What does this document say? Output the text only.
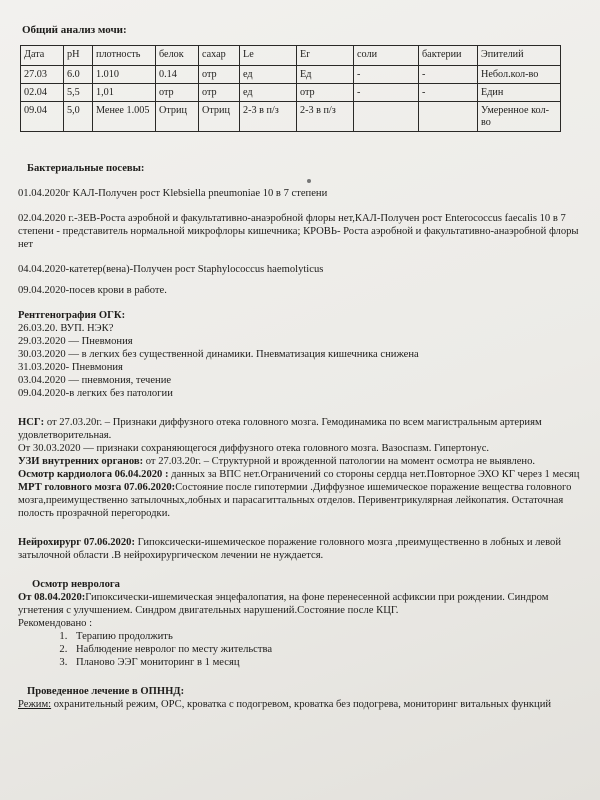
Общий анализ мочи:
Дата	pH	плотность	белок	сахар	Le	Er	соли	бактерии	Эпителий
27.03	6.0	1.010	0.14	отр	ед	Ед	-	-	Небол.кол-во
02.04	5,5	1,01	отр	отр	ед	отр	-	-	Един
09.04	5,0	Менее 1.005	Отриц	Отриц	2-3 в п/з	2-3 в п/з			Умеренное кол-во

Бактериальные посевы:

01.04.2020г КАЛ-Получен рост Klebsiella pneumoniae 10 в 7 степени

02.04.2020 г.-ЗЕВ-Роста аэробной и факультативно-анаэробной флоры нет,КАЛ-Получен рост Enterococcus faecalis 10 в 7 степени - представитель нормальной микрофлоры кишечника; КРОВЬ- Роста аэробной и факультативно-анаэробной флоры нет

04.04.2020-катетер(вена)-Получен рост Staphylococcus haemolyticus

09.04.2020-посев крови в работе.

Рентгенография ОГК:

26.03.20. ВУП. НЭК?

29.03.2020 — Пневмония

30.03.2020 — в легких без существенной динамики. Пневматизация кишечника снижена

31.03.2020- Пневмония

03.04.2020 — пневмония, течение

09.04.2020-в легких без патологии

НСГ: от 27.03.20г. – Признаки диффузного отека головного мозга. Гемодинамика по всем магистральным артериям удовлетворительная.

От 30.03.2020 — признаки сохраняющегося диффузного отека головного мозга. Вазоспазм. Гипертонус.

УЗИ внутренних органов: от 27.03.20г. – Структурной и врожденной патологии на момент осмотра не выявлено.

Осмотр кардиолога 06.04.2020 : данных за ВПС нет.Ограничений со стороны сердца нет.Повторное ЭХО КГ через 1 месяц

МРТ головного мозга 07.06.2020:Состояние после гипотермии .Диффузное ишемическое поражение вещества головного мозга,преимущественно затылочных,лобных и парасагиттальных отделов. Перивентрикулярная лейкопатия. Остаточная полость прозрачной перегородки.

Нейрохирург 07.06.2020: Гипоксически-ишемическое поражение головного мозга ,преимущественно в лобных и левой затылочной области .В нейрохирургическом лечении не нуждается.

Осмотр невролога

От 08.04.2020:Гипоксически-ишемическая энцефалопатия, на фоне перенесенной асфиксии при рождении. Синдром угнетения с улучшением. Синдром двигательных нарушений.Состояние после КЦГ.

Рекомендовано :

1. Терапию продолжить
2. Наблюдение невролог по месту жительства
3. Планово ЭЭГ мониторинг в 1 месяц

Проведенное лечение в ОПННД:

Режим: охранительный режим, ОРС, кроватка с подогревом, кроватка без подогрева, мониторинг витальных функций
